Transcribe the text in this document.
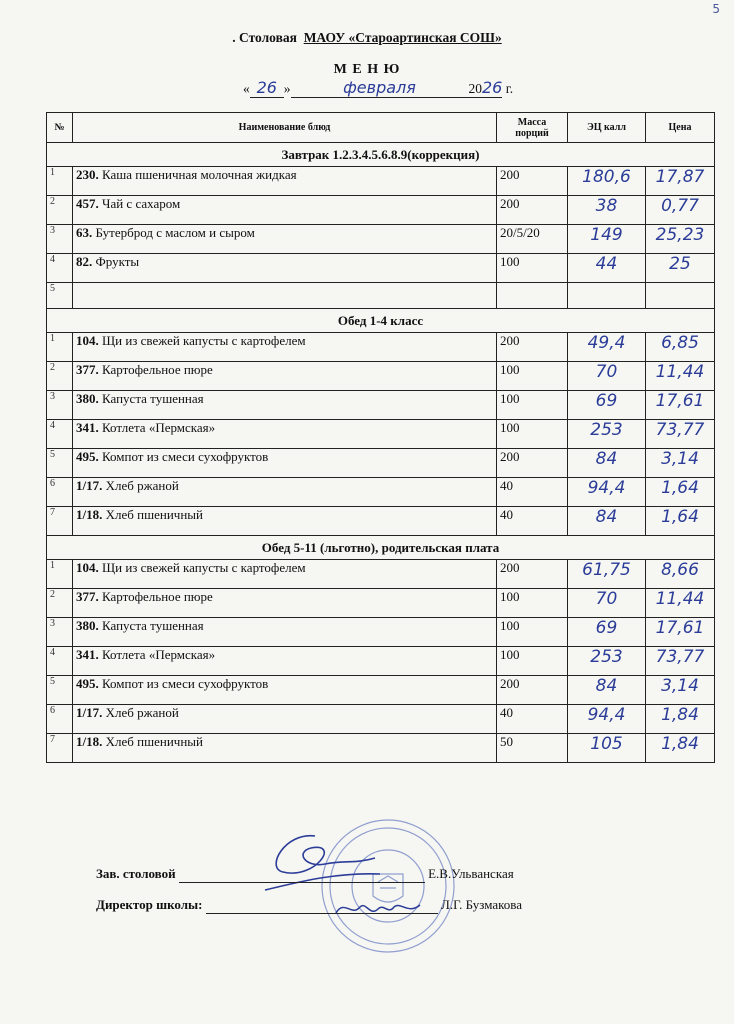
5
. Столовая МАОУ «Староартинская СОШ»
М Е Н Ю
« 26 »	февраля	2026 г.
№	Наименование блюд	Масса порций	ЭЦ калл	Цена
Завтрак 1.2.3.4.5.6.8.9(коррекция)				
1	230. Каша пшеничная молочная жидкая	200	180,6	17,87
2	457. Чай с сахаром	200	38	0,77
3	63. Бутерброд с маслом и сыром	20/5/20	149	25,23
4	82. Фрукты	100	44	25
5				
Обед 1-4 класс				
1	104. Щи из свежей капусты с картофелем	200	49,4	6,85
2	377. Картофельное пюре	100	70	11,44
3	380. Капуста тушенная	100	69	17,61
4	341. Котлета «Пермская»	100	253	73,77
5	495. Компот из смеси сухофруктов	200	84	3,14
6	1/17. Хлеб ржаной	40	94,4	1,64
7	1/18. Хлеб пшеничный	40	84	1,64
Обед 5-11 (льготно), родительская плата				
1	104. Щи из свежей капусты с картофелем	200	61,75	8,66
2	377. Картофельное пюре	100	70	11,44
3	380. Капуста тушенная	100	69	17,61
4	341. Котлета «Пермская»	100	253	73,77
5	495. Компот из смеси сухофруктов	200	84	3,14
6	1/17. Хлеб ржаной	40	94,4	1,84
7	1/18. Хлеб пшеничный	50	105	1,84
Зав. столовой	Е.В.Ульванская
Директор школы:	Л.Г. Бузмакова
